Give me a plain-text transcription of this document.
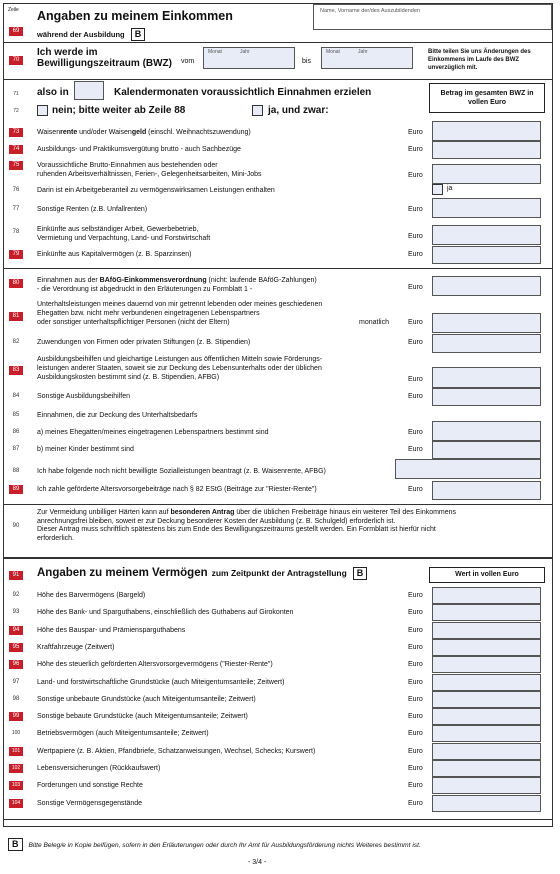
Zeile
69
Angaben zu meinem Einkommen
während der Ausbildung B
Name, Vorname der/des Auszubildenden
70
Ich werde im
Bewilligungszeitraum (BWZ) vom
Monat	Jahr
bis
Monat	Jahr	Bitte teilen Sie uns Änderungen des Einkommens im Laufe des BWZ unverzüglich mit.
71	also in	Kalendermonaten voraussichtlich Einnahmen erzielen
72	nein; bitte weiter ab Zeile 88	ja, und zwar:
Betrag im gesamten BWZ in vollen Euro
73	Waisenrente und/oder Waisengeld (einschl. Weihnachtszuwendung)	Euro
74	Ausbildungs- und Praktikumsvergütung brutto - auch Sachbezüge	Euro
75	Voraussichtliche Brutto-Einnahmen aus bestehenden oder
ruhenden Arbeitsverhältnissen, Ferien-, Gelegenheitsarbeiten, Mini-Jobs	Euro
76	Darin ist ein Arbeitgeberanteil zu vermögenswirksamen Leistungen enthalten	ja
77	Sonstige Renten (z.B. Unfallrenten)	Euro
78	Einkünfte aus selbständiger Arbeit, Gewerbebetrieb,
Vermietung und Verpachtung, Land- und Forstwirtschaft	Euro
79	Einkünfte aus Kapitalvermögen (z. B. Sparzinsen)	Euro
80	Einnahmen aus der BAföG-Einkommensverordnung (nicht: laufende BAföG-Zahlungen)
- die Verordnung ist abgedruckt in den Erläuterungen zu Formblatt 1 -	Euro
81
Unterhaltsleistungen meines dauernd von mir getrennt lebenden oder meines geschiedenen
Ehegatten bzw. nicht mehr verbundenen eingetragenen Lebenspartners
oder sonstiger unterhaltspflichtiger Personen (nicht der Eltern)	monatlich	Euro
82	Zuwendungen von Firmen oder privaten Stiftungen (z. B. Stipendien)	Euro
83
Ausbildungsbeihilfen und gleichartige Leistungen aus öffentlichen Mitteln sowie Förderungs-
leistungen anderer Staaten, soweit sie zur Deckung des Lebensunterhalts oder der üblichen
Ausbildungskosten bestimmt sind (z. B. Stipendien, AFBG)	Euro
84	Sonstige Ausbildungsbeihilfen	Euro
85	Einnahmen, die zur Deckung des Unterhaltsbedarfs
86	a) meines Ehegatten/meines eingetragenen Lebenspartners bestimmt sind	Euro
87	b) meiner Kinder bestimmt sind	Euro
88	Ich habe folgende noch nicht bewilligte Sozialleistungen beantragt (z. B. Waisenrente, AFBG)
89	Ich zahle geförderte Altersvorsorgebeiträge nach § 82 EStG (Beiträge zur "Riester-Rente")	Euro
90
Zur Vermeidung unbilliger Härten kann auf besonderen Antrag über die üblichen Freibeträge hinaus ein weiterer Teil des Einkommens
anrechnungsfrei bleiben, soweit er zur Deckung besonderer Kosten der Ausbildung (z. B. Schulgeld) erforderlich ist.
Dieser Antrag muss schriftlich spätestens bis zum Ende des Bewilligungszeitraums gestellt werden. Ein Formblatt ist hierfür nicht
erforderlich.
91	Angaben zu meinem Vermögen zum Zeitpunkt der Antragstellung B	Wert in vollen Euro
92	Höhe des Barvermögens (Bargeld)	Euro
93	Höhe des Bank- und Sparguthabens, einschließlich des Guthabens auf Girokonten	Euro
94	Höhe des Bauspar- und Prämiensparguthabens	Euro
95	Kraftfahrzeuge (Zeitwert)	Euro
96	Höhe des steuerlich geförderten Altersvorsorgevermögens ("Riester-Rente")	Euro
97	Land- und forstwirtschaftliche Grundstücke (auch Miteigentumsanteile; Zeitwert)	Euro
98	Sonstige unbebaute Grundstücke (auch Miteigentumsanteile; Zeitwert)	Euro
99	Sonstige bebaute Grundstücke (auch Miteigentumsanteile; Zeitwert)	Euro
100	Betriebsvermögen (auch Miteigentumsanteile; Zeitwert)	Euro
101	Wertpapiere (z. B. Aktien, Pfandbriefe, Schatzanweisungen, Wechsel, Schecks; Kurswert)	Euro
102	Lebensversicherungen (Rückkaufswert)	Euro
103	Forderungen und sonstige Rechte	Euro
104	Sonstige Vermögensgegenstände	Euro
B Bitte Beleg/e in Kopie beifügen, sofern in den Erläuterungen oder durch Ihr Amt für Ausbildungsförderung nichts Weiteres bestimmt ist.
- 3/4 -
